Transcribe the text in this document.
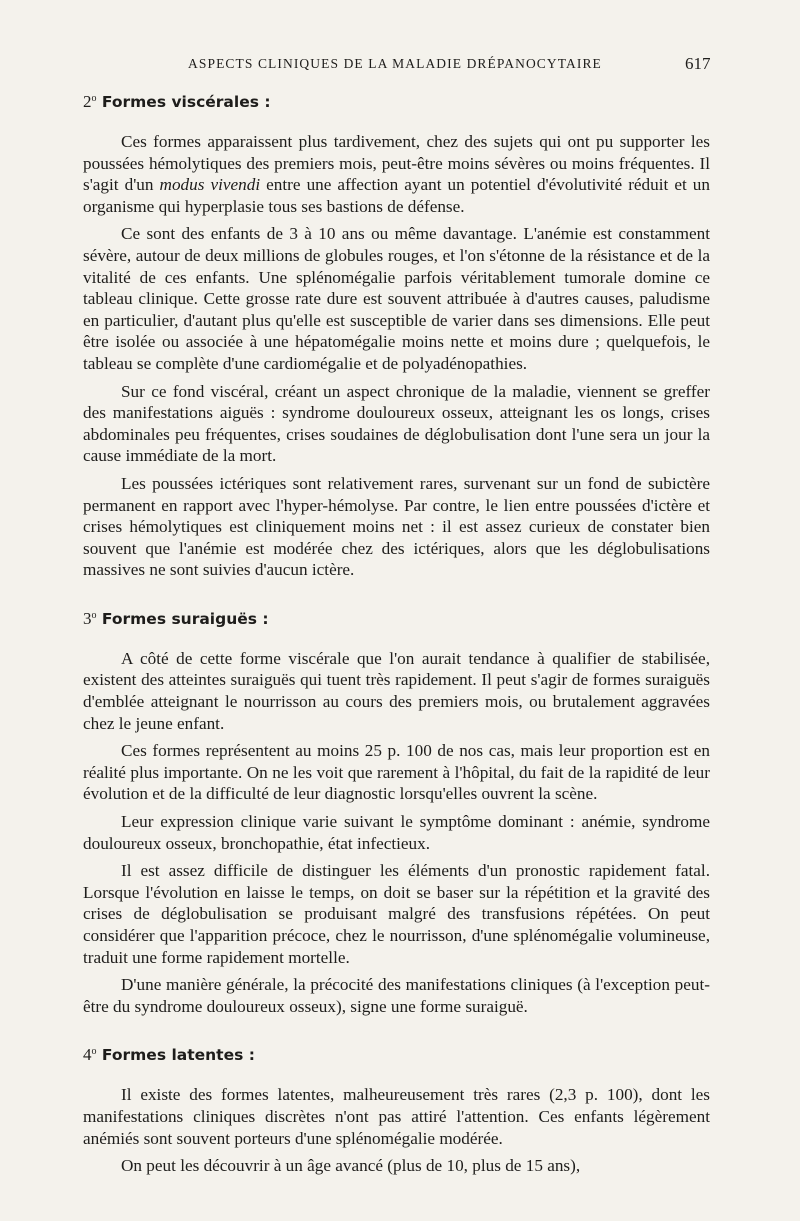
ASPECTS CLINIQUES DE LA MALADIE DRÉPANOCYTAIRE	617
2$^o$ Formes viscérales :

Ces formes apparaissent plus tardivement, chez des sujets qui ont pu supporter les poussées hémolytiques des premiers mois, peut-être moins sévères ou moins fréquentes. Il s'agit d'un modus vivendi entre une affection ayant un potentiel d'évolutivité réduit et un organisme qui hyperplasie tous ses bastions de défense.

Ce sont des enfants de 3 à 10 ans ou même davantage. L'anémie est constamment sévère, autour de deux millions de globules rouges, et l'on s'étonne de la résistance et de la vitalité de ces enfants. Une splénomégalie parfois véritablement tumorale domine ce tableau clinique. Cette grosse rate dure est souvent attribuée à d'autres causes, paludisme en particulier, d'autant plus qu'elle est susceptible de varier dans ses dimensions. Elle peut être isolée ou associée à une hépatomégalie moins nette et moins dure ; quelquefois, le tableau se complète d'une cardiomégalie et de polyadénopathies.

Sur ce fond viscéral, créant un aspect chronique de la maladie, viennent se greffer des manifestations aiguës : syndrome douloureux osseux, atteignant les os longs, crises abdominales peu fréquentes, crises soudaines de déglobulisation dont l'une sera un jour la cause immédiate de la mort.

Les poussées ictériques sont relativement rares, survenant sur un fond de subictère permanent en rapport avec l'hyper-hémolyse. Par contre, le lien entre poussées d'ictère et crises hémolytiques est cliniquement moins net : il est assez curieux de constater bien souvent que l'anémie est modérée chez des ictériques, alors que les déglobulisations massives ne sont suivies d'aucun ictère.

3$^o$ Formes suraiguës :

A côté de cette forme viscérale que l'on aurait tendance à qualifier de stabilisée, existent des atteintes suraiguës qui tuent très rapidement. Il peut s'agir de formes suraiguës d'emblée atteignant le nourrisson au cours des premiers mois, ou brutalement aggravées chez le jeune enfant.

Ces formes représentent au moins 25 p. 100 de nos cas, mais leur proportion est en réalité plus importante. On ne les voit que rarement à l'hôpital, du fait de la rapidité de leur évolution et de la difficulté de leur diagnostic lorsqu'elles ouvrent la scène.

Leur expression clinique varie suivant le symptôme dominant : anémie, syndrome douloureux osseux, bronchopathie, état infectieux.

Il est assez difficile de distinguer les éléments d'un pronostic rapidement fatal. Lorsque l'évolution en laisse le temps, on doit se baser sur la répétition et la gravité des crises de déglobulisation se produisant malgré des transfusions répétées. On peut considérer que l'apparition précoce, chez le nourrisson, d'une splénomégalie volumineuse, traduit une forme rapidement mortelle.

D'une manière générale, la précocité des manifestations cliniques (à l'exception peut-être du syndrome douloureux osseux), signe une forme suraiguë.

4$^o$ Formes latentes :

Il existe des formes latentes, malheureusement très rares (2,3 p. 100), dont les manifestations cliniques discrètes n'ont pas attiré l'attention. Ces enfants légèrement anémiés sont souvent porteurs d'une splénomégalie modérée.

On peut les découvrir à un âge avancé (plus de 10, plus de 15 ans),
